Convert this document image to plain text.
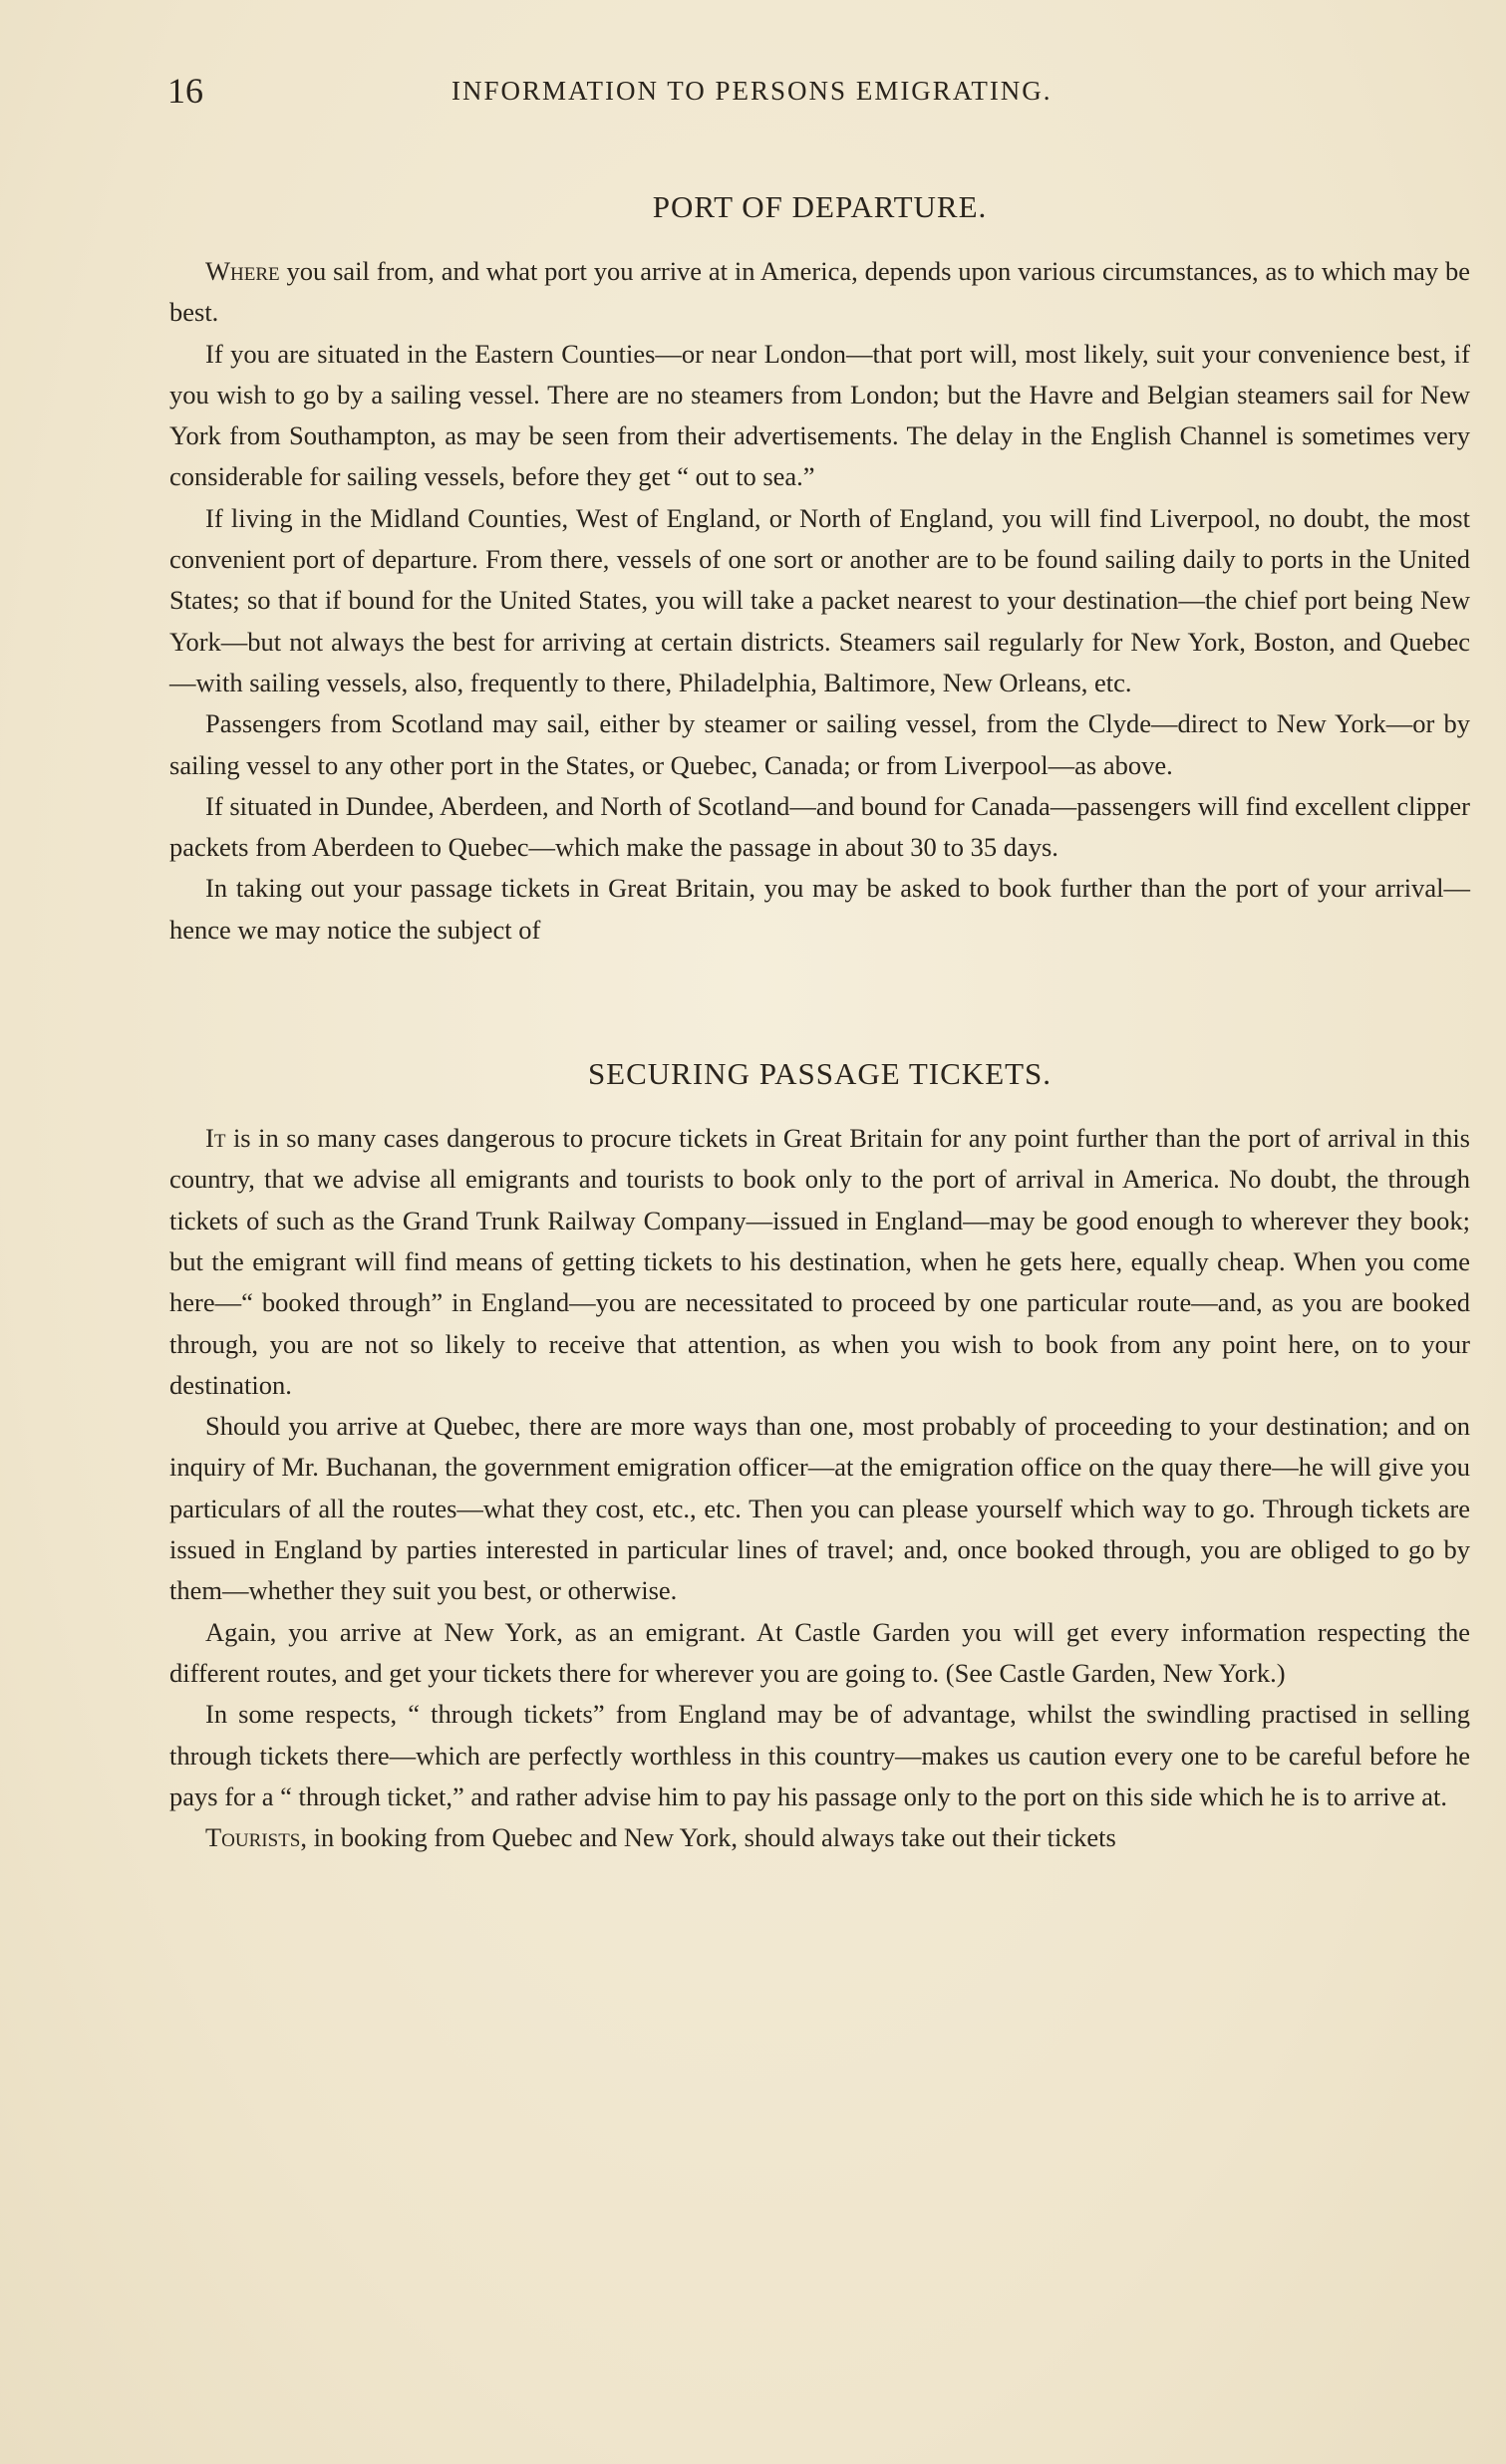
16	INFORMATION TO PERSONS EMIGRATING.
PORT OF DEPARTURE.

Where you sail from, and what port you arrive at in America, depends upon various circumstances, as to which may be best.

If you are situated in the Eastern Counties—or near London—that port will, most likely, suit your convenience best, if you wish to go by a sailing vessel. There are no steamers from London; but the Havre and Belgian steamers sail for New York from Southampton, as may be seen from their advertisements. The delay in the English Channel is sometimes very considerable for sailing vessels, before they get “ out to sea.”

If living in the Midland Counties, West of England, or North of England, you will find Liverpool, no doubt, the most convenient port of departure. From there, vessels of one sort or another are to be found sailing daily to ports in the United States; so that if bound for the United States, you will take a packet nearest to your destination—the chief port being New York—but not always the best for arriving at certain districts. Steamers sail regularly for New York, Boston, and Quebec—with sailing vessels, also, frequently to there, Philadelphia, Baltimore, New Orleans, etc.

Passengers from Scotland may sail, either by steamer or sailing vessel, from the Clyde—direct to New York—or by sailing vessel to any other port in the States, or Quebec, Canada; or from Liverpool—as above.

If situated in Dundee, Aberdeen, and North of Scotland—and bound for Canada—passengers will find excellent clipper packets from Aberdeen to Quebec—which make the passage in about 30 to 35 days.

In taking out your passage tickets in Great Britain, you may be asked to book further than the port of your arrival—hence we may notice the subject of

SECURING PASSAGE TICKETS.

It is in so many cases dangerous to procure tickets in Great Britain for any point further than the port of arrival in this country, that we advise all emigrants and tourists to book only to the port of arrival in America. No doubt, the through tickets of such as the Grand Trunk Railway Company—issued in England—may be good enough to wherever they book; but the emigrant will find means of getting tickets to his destination, when he gets here, equally cheap. When you come here—“ booked through” in England—you are necessitated to proceed by one particular route—and, as you are booked through, you are not so likely to receive that attention, as when you wish to book from any point here, on to your destination.

Should you arrive at Quebec, there are more ways than one, most probably of proceeding to your destination; and on inquiry of Mr. Buchanan, the government emigration officer—at the emigration office on the quay there—he will give you particulars of all the routes—what they cost, etc., etc. Then you can please yourself which way to go. Through tickets are issued in England by parties interested in particular lines of travel; and, once booked through, you are obliged to go by them—whether they suit you best, or otherwise.

Again, you arrive at New York, as an emigrant. At Castle Garden you will get every information respecting the different routes, and get your tickets there for wherever you are going to. (See Castle Garden, New York.)

In some respects, “ through tickets” from England may be of advantage, whilst the swindling practised in selling through tickets there—which are perfectly worthless in this country—makes us caution every one to be careful before he pays for a “ through ticket,” and rather advise him to pay his passage only to the port on this side which he is to arrive at.

Tourists, in booking from Quebec and New York, should always take out their tickets
